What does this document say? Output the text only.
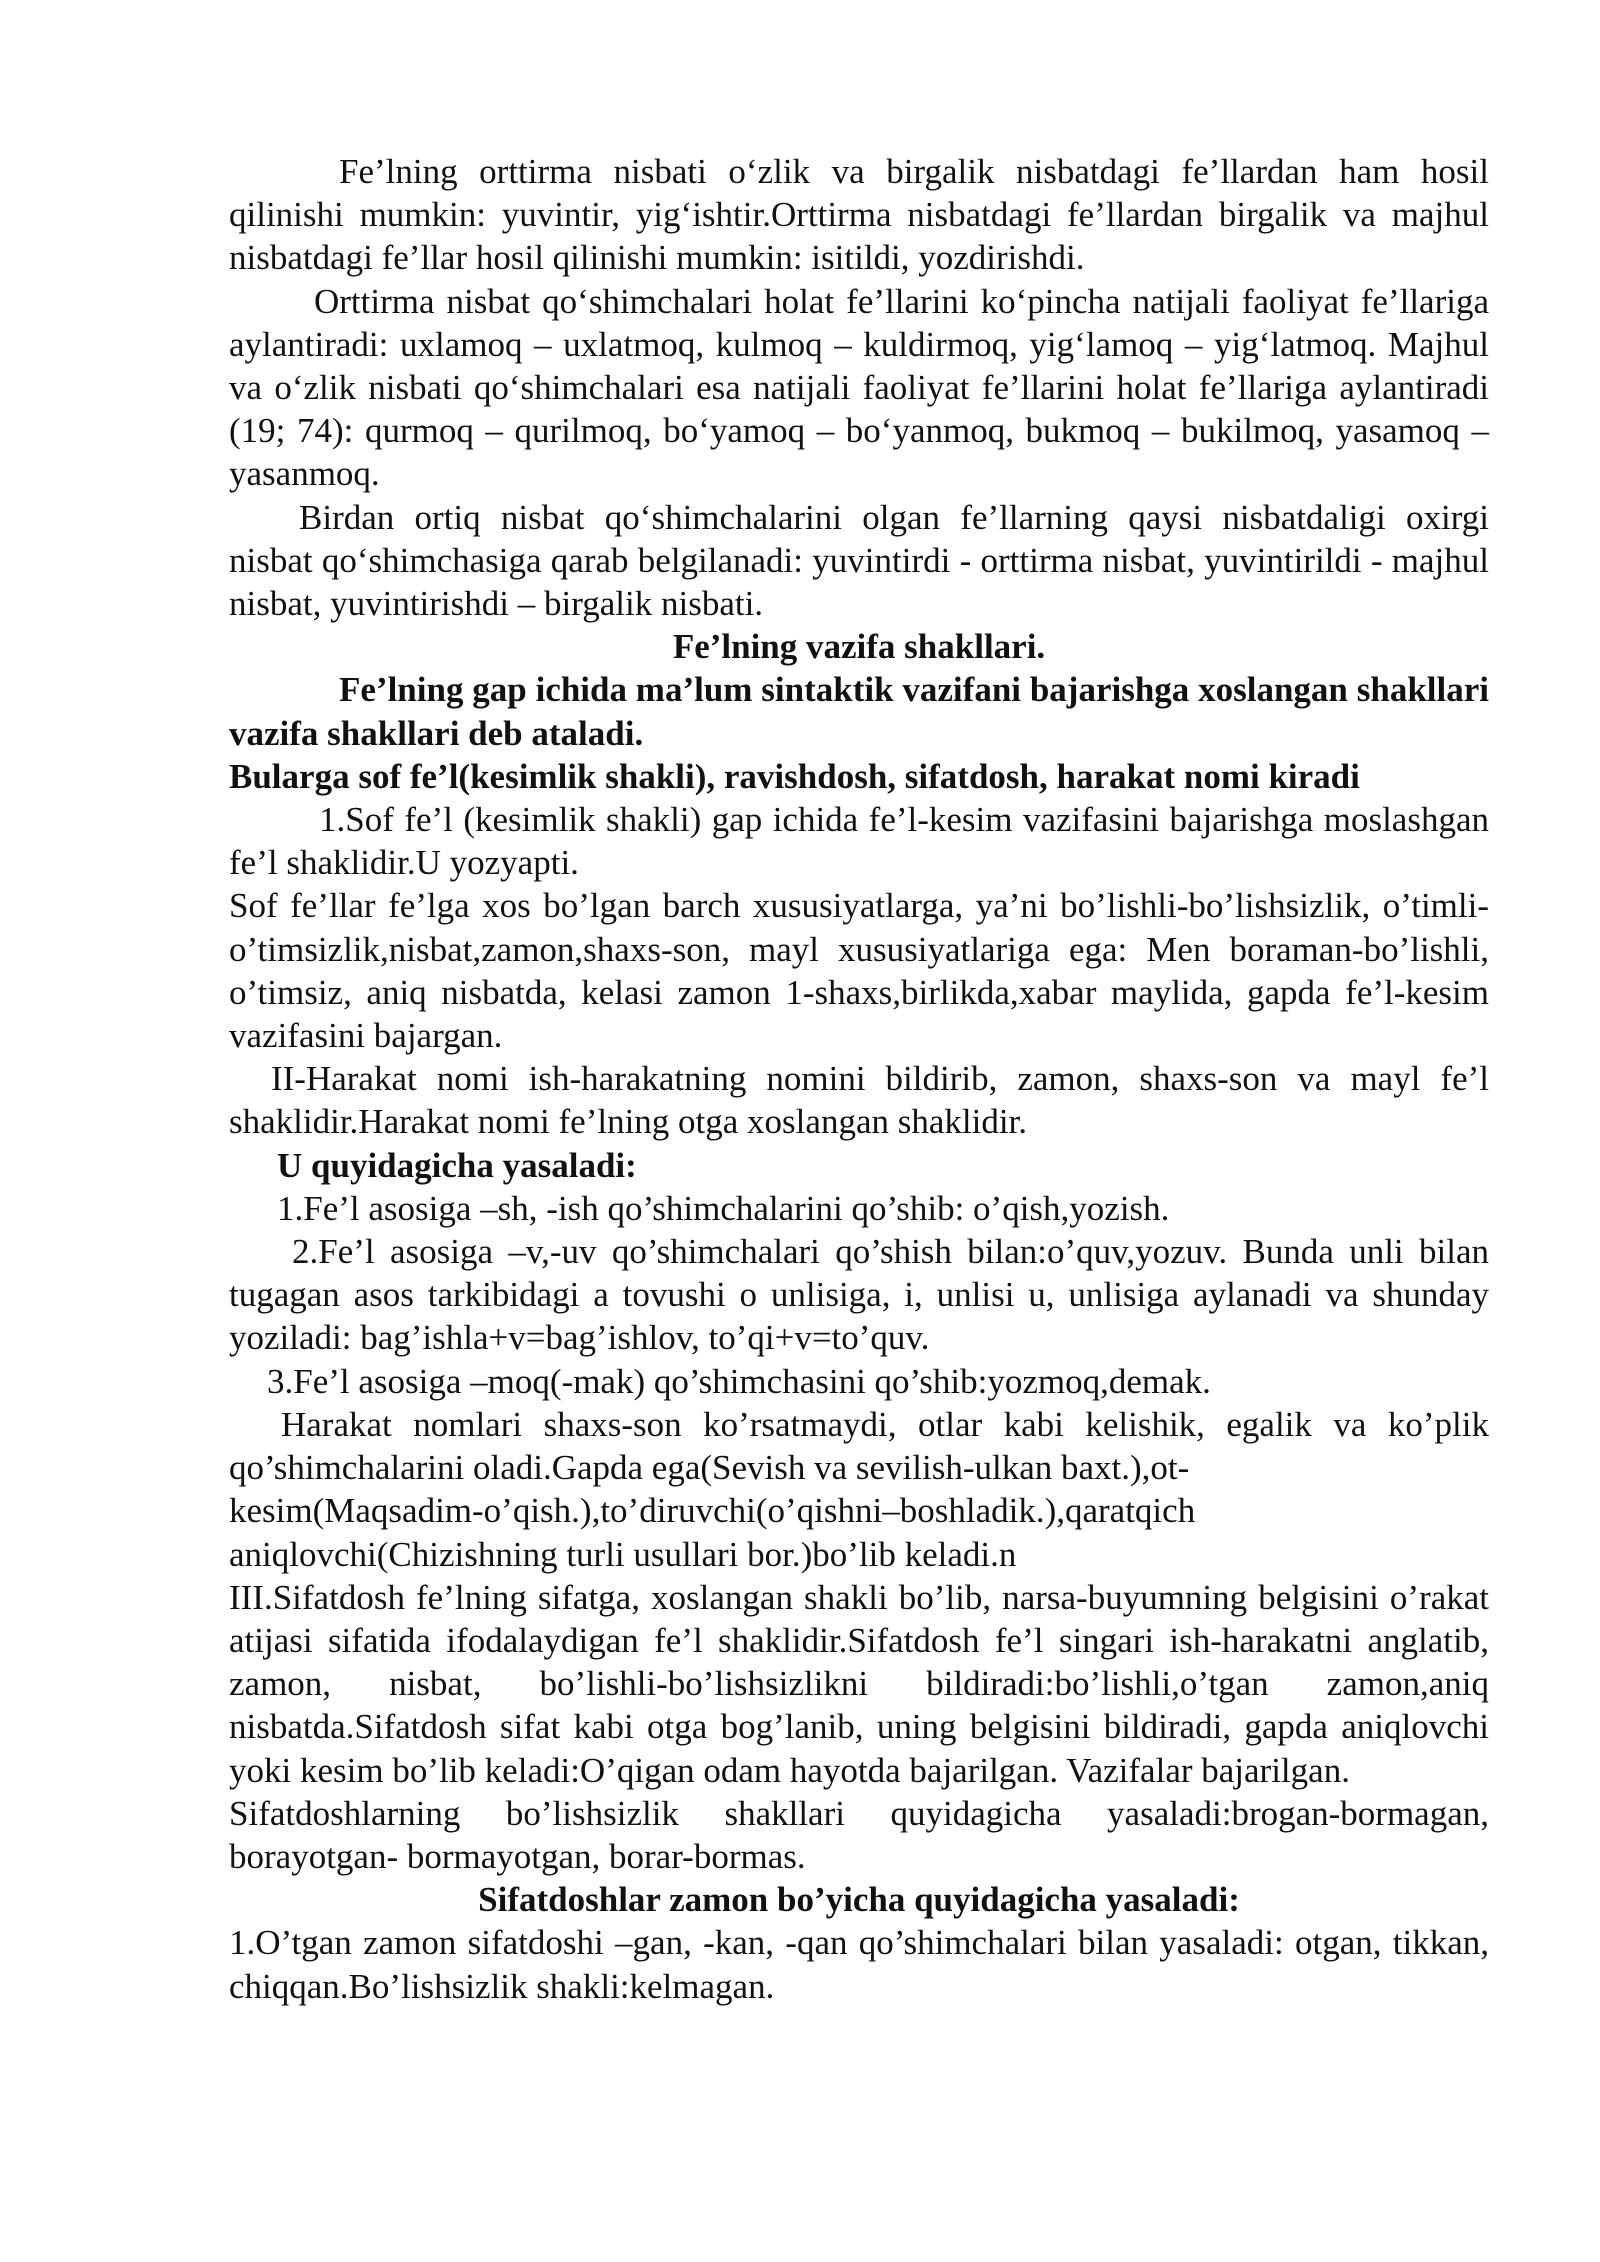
Fe’lning orttirma nisbati o‘zlik va birgalik nisbatdagi fe’llardan ham hosil qilinishi mumkin: yuvintir, yig‘ishtir.Orttirma nisbatdagi fe’llardan birgalik va majhul nisbatdagi fe’llar hosil qilinishi mumkin: isitildi, yozdirishdi.

Orttirma nisbat qo‘shimchalari holat fe’llarini ko‘pincha natijali faoliyat fe’llariga aylantiradi: uxlamoq – uxlatmoq, kulmoq – kuldirmoq, yig‘lamoq – yig‘latmoq. Majhul va o‘zlik nisbati qo‘shimchalari esa natijali faoliyat fe’llarini holat fe’llariga aylantiradi (19; 74): qurmoq – qurilmoq, bo‘yamoq – bo‘yanmoq, bukmoq – bukilmoq, yasamoq – yasanmoq.

Birdan ortiq nisbat qo‘shimchalarini olgan fe’llarning qaysi nisbatdaligi oxirgi nisbat qo‘shimchasiga qarab belgilanadi: yuvintirdi - orttirma nisbat, yuvintirildi - majhul nisbat, yuvintirishdi – birgalik nisbati.

Fe’lning vazifa shakllari.

Fe’lning gap ichida ma’lum sintaktik vazifani bajarishga xoslangan shakllari vazifa shakllari deb ataladi.

Bularga sof fe’l(kesimlik shakli), ravishdosh, sifatdosh, harakat nomi kiradi

1.Sof fe’l (kesimlik shakli) gap ichida fe’l-kesim vazifasini bajarishga moslashgan fe’l shaklidir.U yozyapti.

Sof fe’llar fe’lga xos bo’lgan barch xususiyatlarga, ya’ni bo’lishli-bo’lishsizlik, o’timli-o’timsizlik,nisbat,zamon,shaxs-son, mayl xususiyatlariga ega: Men boraman-bo’lishli, o’timsiz, aniq nisbatda, kelasi zamon 1-shaxs,birlikda,xabar maylida, gapda fe’l-kesim vazifasini bajargan.

II-Harakat nomi ish-harakatning nomini bildirib, zamon, shaxs-son va mayl fe’l shaklidir.Harakat nomi fe’lning otga xoslangan shaklidir.

U quyidagicha yasaladi:

1.Fe’l asosiga –sh, -ish qo’shimchalarini qo’shib: o’qish,yozish.

2.Fe’l asosiga –v,-uv qo’shimchalari qo’shish bilan:o’quv,yozuv. Bunda unli bilan tugagan asos tarkibidagi a tovushi o unlisiga, i, unlisi u, unlisiga aylanadi va shunday yoziladi: bag’ishla+v=bag’ishlov, to’qi+v=to’quv.

3.Fe’l asosiga –moq(-mak) qo’shimchasini qo’shib:yozmoq,demak.

Harakat nomlari shaxs-son ko’rsatmaydi, otlar kabi kelishik, egalik va ko’plik qo’shimchalarini oladi.Gapda ega(Sevish va sevilish-ulkan baxt.),ot-

kesim(Maqsadim-o’qish.),to’diruvchi(o’qishni–boshladik.),qaratqich

aniqlovchi(Chizishning turli usullari bor.)bo’lib keladi.n

III.Sifatdosh fe’lning sifatga, xoslangan shakli bo’lib, narsa-buyumning belgisini o’rakat atijasi sifatida ifodalaydigan fe’l shaklidir.Sifatdosh fe’l singari ish-harakatni anglatib, zamon, nisbat, bo’lishli-bo’lishsizlikni bildiradi:bo’lishli,o’tgan zamon,aniq nisbatda.Sifatdosh sifat kabi otga bog’lanib, uning belgisini bildiradi, gapda aniqlovchi yoki kesim bo’lib keladi:O’qigan odam hayotda bajarilgan. Vazifalar bajarilgan.

Sifatdoshlarning bo’lishsizlik shakllari quyidagicha yasaladi:brogan-bormagan, borayotgan- bormayotgan, borar-bormas.

Sifatdoshlar zamon bo’yicha quyidagicha yasaladi:

1.O’tgan zamon sifatdoshi –gan, -kan, -qan qo’shimchalari bilan yasaladi: otgan, tikkan, chiqqan.Bo’lishsizlik shakli:kelmagan.
